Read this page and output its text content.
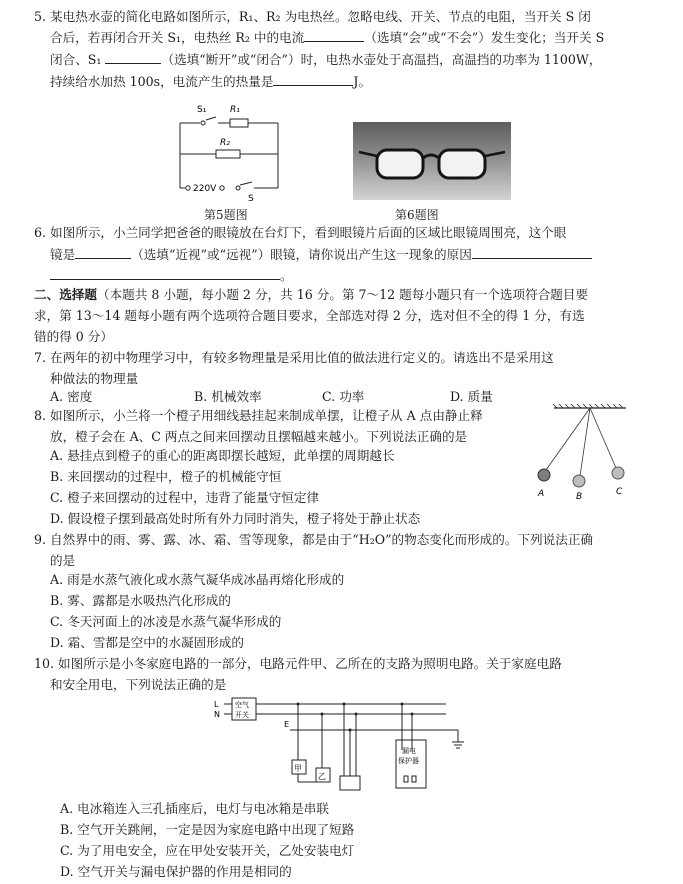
5. 某电热水壶的简化电路如图所示，R₁、R₂ 为电热丝。忽略电线、开关、节点的电阻，当开关 S 闭
合后，若再闭合开关 S₁，电热丝 R₂ 中的电流	（选填“会”或“不会”）发生变化；当开关 S
闭合、S₁	（选填“断开”或“闭合”）时，电热水壶处于高温挡，高温挡的功率为 1100W，
持续给水加热 100s，电流产生的热量是	J。
S₁	R₁
R₂
220V
S
第5题图	第6题图
6. 如图所示，小兰同学把爸爸的眼镜放在台灯下，看到眼镜片后面的区域比眼镜周围亮，这个眼
镜是	（选填“近视”或“远视”）眼镜，请你说出产生这一现象的原因
。
二、选择题（本题共 8 小题，每小题 2 分，共 16 分。第 7～12 题每小题只有一个选项符合题目要
求，第 13～14 题每小题有两个选项符合题目要求，全部选对得 2 分，选对但不全的得 1 分，有选
错的得 0 分）
7. 在两年的初中物理学习中，有较多物理量是采用比值的做法进行定义的。请选出不是采用这
种做法的物理量
A. 密度	B. 机械效率	C. 功率	D. 质量
8. 如图所示，小兰将一个橙子用细线悬挂起来制成单摆，让橙子从 A 点由静止释
放，橙子会在 A、C 两点之间来回摆动且摆幅越来越小。下列说法正确的是
A. 悬挂点到橙子的重心的距离即摆长越短，此单摆的周期越长
B. 来回摆动的过程中，橙子的机械能守恒
C. 橙子来回摆动的过程中，违背了能量守恒定律
D. 假设橙子摆到最高处时所有外力同时消失，橙子将处于静止状态
A	B	C
9. 自然界中的雨、雾、露、冰、霜、雪等现象，都是由于“H₂O”的物态变化而形成的。下列说法正确
的是
A. 雨是水蒸气液化或水蒸气凝华成冰晶再熔化形成的
B. 雾、露都是水吸热汽化形成的
C. 冬天河面上的冰凌是水蒸气凝华形成的
D. 霜、雪都是空中的水凝固形成的
10. 如图所示是小冬家庭电路的一部分，电路元件甲、乙所在的支路为照明电路。关于家庭电路
和安全用电，下列说法正确的是
L
N
E
空气
开关
甲
乙
漏电
保护器
A. 电冰箱连入三孔插座后，电灯与电冰箱是串联
B. 空气开关跳闸，一定是因为家庭电路中出现了短路
C. 为了用电安全，应在甲处安装开关，乙处安装电灯
D. 空气开关与漏电保护器的作用是相同的
